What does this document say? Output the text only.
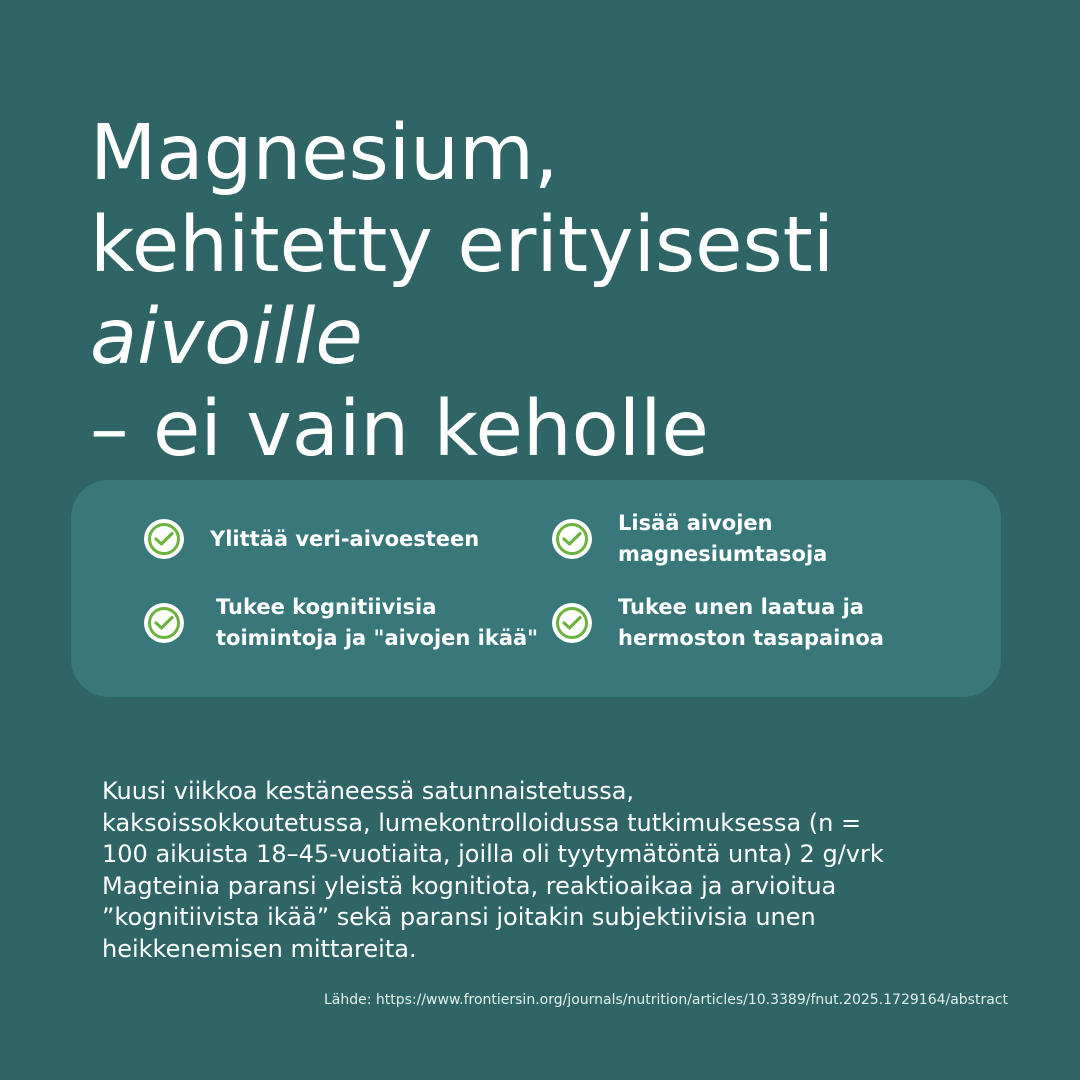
Magnesium,
kehitetty erityisesti
aivoille
– ei vain keholle
Ylittää veri-aivoesteen
Lisää aivojen
magnesiumtasoja
Tukee kognitiivisia
toimintoja ja "aivojen ikää"
Tukee unen laatua ja
hermoston tasapainoa
Kuusi viikkoa kestäneessä satunnaistetussa,
kaksoissokkoutetussa, lumekontrolloidussa tutkimuksessa (n =
100 aikuista 18–45-vuotiaita, joilla oli tyytymätöntä unta) 2 g/vrk
Magteinia paransi yleistä kognitiota, reaktioaikaa ja arvioitua
”kognitiivista ikää” sekä paransi joitakin subjektiivisia unen
heikkenemisen mittareita.
Lähde: https://www.frontiersin.org/journals/nutrition/articles/10.3389/fnut.2025.1729164/abstract
